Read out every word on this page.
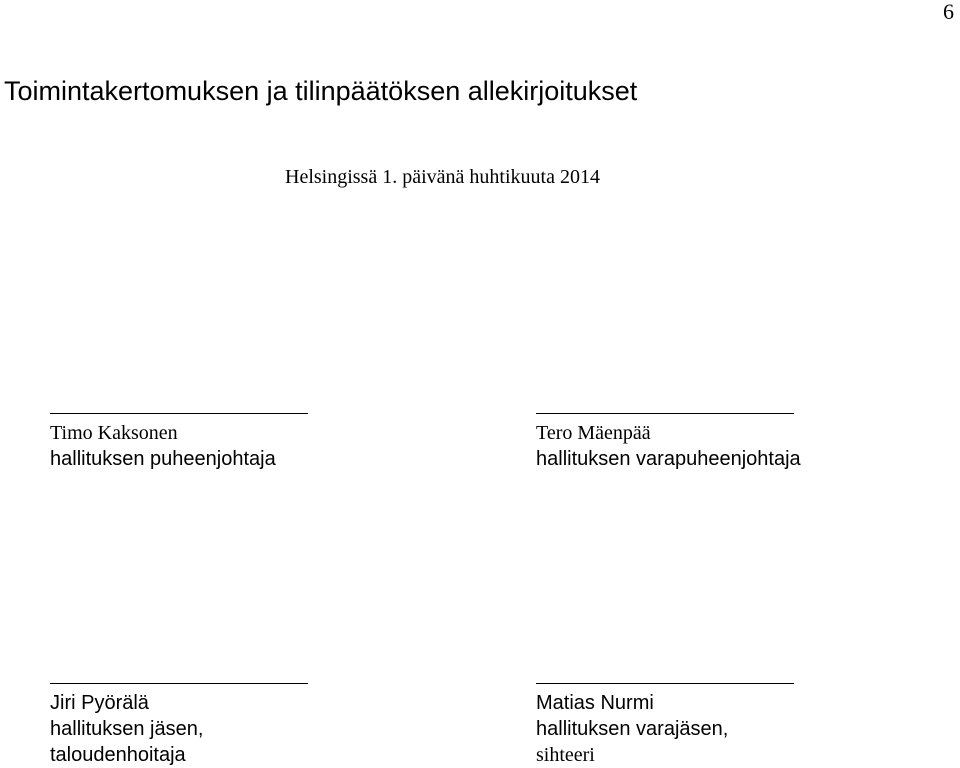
6
Toimintakertomuksen ja tilinpäätöksen allekirjoitukset
Helsingissä 1. päivänä huhtikuuta 2014
Timo Kaksonen
hallituksen puheenjohtaja
Tero Mäenpää
hallituksen varapuheenjohtaja
Jiri Pyörälä
hallituksen jäsen,
taloudenhoitaja
Matias Nurmi
hallituksen varajäsen,
sihteeri
